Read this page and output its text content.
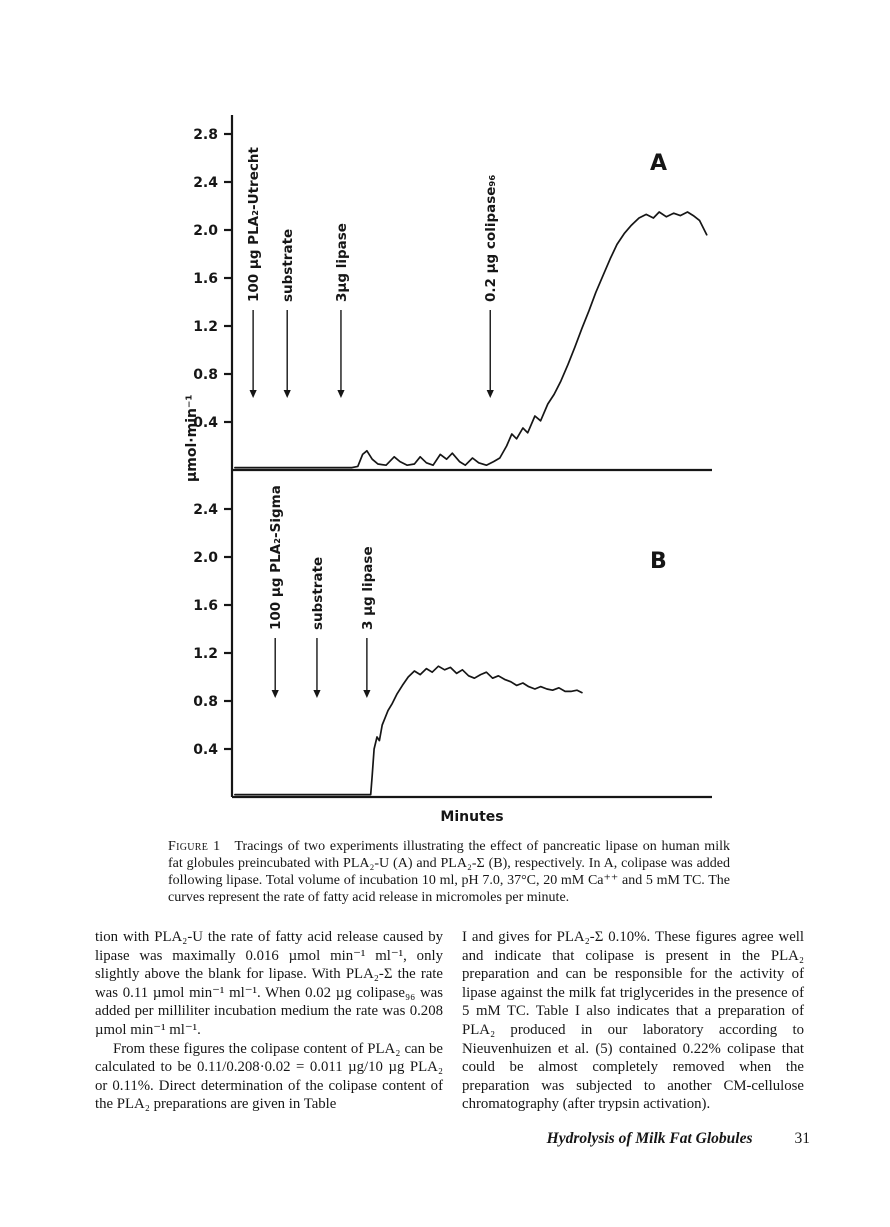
0.4
0.8
1.2
1.6
2.0
2.4
2.8
100 µg PLA₂-Utrecht substrate	3µg lipase	0.2 µg colipase₉₆
A
0.4
0.8
1.2
1.6
2.0
2.4	100 µg PLA₂-Sigma substrate	3 µg lipase	B
µmol·min⁻¹
Minutes
Figure 1 Tracings of two experiments illustrating the effect of pancreatic lipase on human milk fat globules preincubated with PLA₂-U (A) and PLA₂-Σ (B), respectively. In A, colipase was added following lipase. Total volume of incubation 10 ml, pH 7.0, 37°C, 20 mM Ca⁺⁺ and 5 mM TC. The curves represent the rate of fatty acid release in micromoles per minute.

tion with PLA₂-U the rate of fatty acid release caused by lipase was maximally 0.016 µmol min⁻¹ ml⁻¹, only slightly above the blank for lipase. With PLA₂-Σ the rate was 0.11 µmol min⁻¹ ml⁻¹. When 0.02 µg colipase₉₆ was added per milliliter incubation medium the rate was 0.208 µmol min⁻¹ ml⁻¹.

From these figures the colipase content of PLA₂ can be calculated to be 0.11/0.208·0.02 = 0.011 µg/10 µg PLA₂ or 0.11%. Direct determination of the colipase content of the PLA₂ preparations are given in Table

I and gives for PLA₂-Σ 0.10%. These figures agree well and indicate that colipase is present in the PLA₂ preparation and can be responsible for the activity of lipase against the milk fat triglycerides in the presence of 5 mM TC. Table I also indicates that a preparation of PLA₂ produced in our laboratory according to Nieuvenhuizen et al. (5) contained 0.22% colipase that could be almost completely removed when the preparation was subjected to another CM-cellulose chromatography (after trypsin activation).

Hydrolysis of Milk Fat Globules	31
